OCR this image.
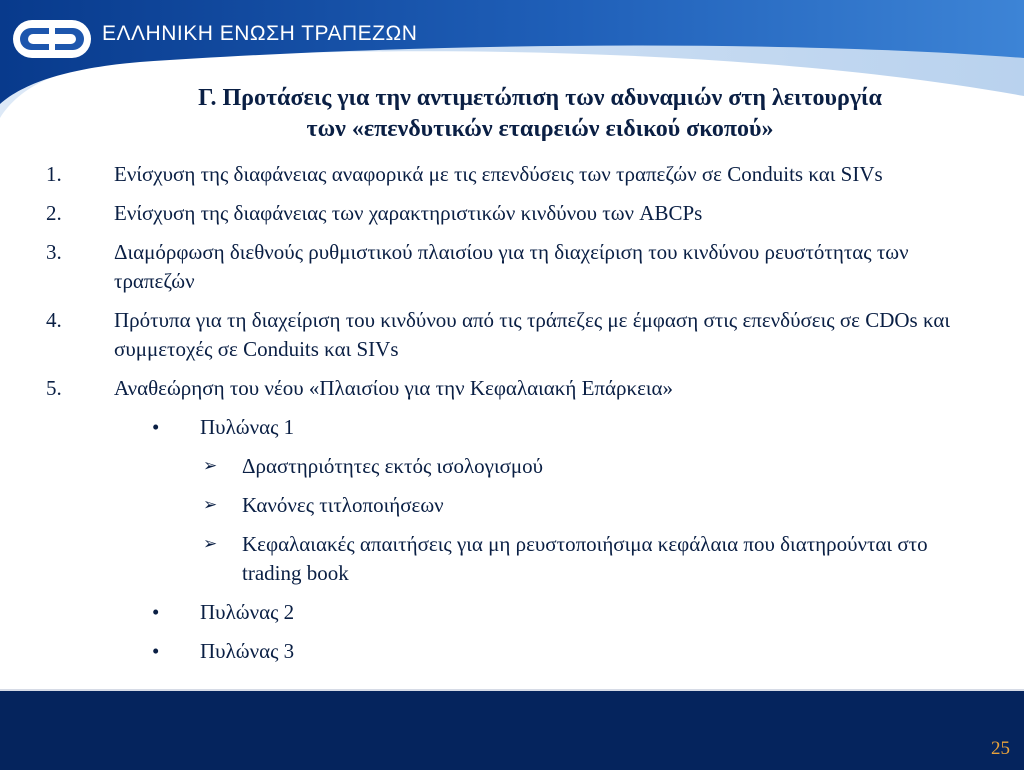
ΕΛΛΗΝΙΚΗ ΕΝΩΣΗ ΤΡΑΠΕΖΩΝ
Γ. Προτάσεις για την αντιμετώπιση των αδυναμιών στη λειτουργία
των «επενδυτικών εταιρειών ειδικού σκοπού»
1. Ενίσχυση της διαφάνειας αναφορικά με τις επενδύσεις των τραπεζών σε Conduits και SIVs
2. Ενίσχυση της διαφάνειας των χαρακτηριστικών κινδύνου των ABCPs
3. Διαμόρφωση διεθνούς ρυθμιστικού πλαισίου για τη διαχείριση του κινδύνου ρευστότητας των τραπεζών
4. Πρότυπα για τη διαχείριση του κινδύνου από τις τράπεζες με έμφαση στις επενδύσεις σε CDOs και συμμετοχές σε Conduits και SIVs
5. Αναθεώρηση του νέου «Πλαισίου για την Κεφαλαιακή Επάρκεια»
• Πυλώνας 1
➢ Δραστηριότητες εκτός ισολογισμού
➢ Κανόνες τιτλοποιήσεων
➢ Κεφαλαιακές απαιτήσεις για μη ρευστοποιήσιμα κεφάλαια που διατηρούνται στο trading book
• Πυλώνας 2
• Πυλώνας 3
25
